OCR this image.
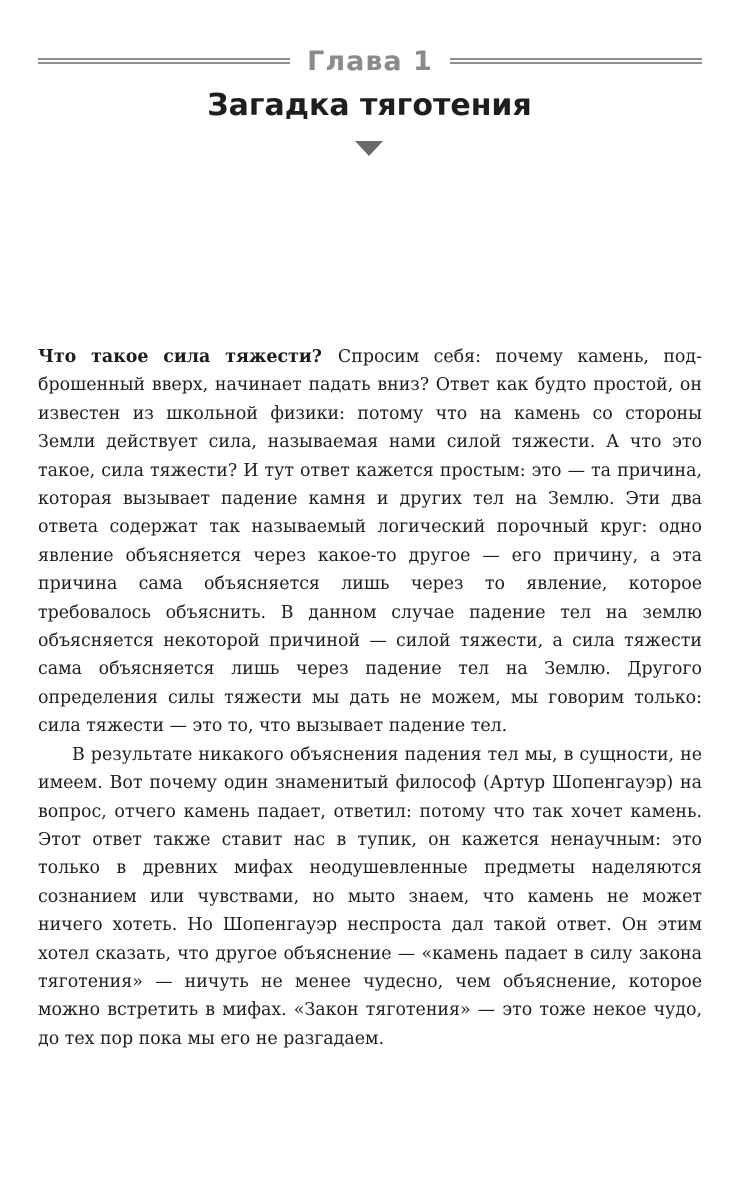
Глава 1
Загадка тяготения

Что такое сила тяжести? Спросим себя: почему камень, подброшенный вверх, начинает падать вниз? Ответ как будто простой, он известен из школьной физики: потому что на камень со стороны Земли действует сила, называемая нами силой тяжести. А что это такое, сила тяжести? И тут ответ кажется простым: это — та причина, которая вызывает падение камня и других тел на Землю. Эти два ответа содержат так называемый логический порочный круг: одно явление объясняется через какое-то другое — его причину, а эта причина сама объясняется лишь через то явление, которое требовалось объяснить. В данном случае падение тел на землю объясняется некоторой причиной — силой тяжести, а сила тяжести сама объясняется лишь через падение тел на Землю. Другого определения силы тяжести мы дать не можем, мы говорим только: сила тяжести — это то, что вызывает падение тел.

В результате никакого объяснения падения тел мы, в сущности, не имеем. Вот почему один знаменитый философ (Артур Шопенгауэр) на вопрос, отчего камень падает, ответил: потому что так хочет камень. Этот ответ также ставит нас в тупик, он кажется ненаучным: это только в древних мифах неодушевленные предметы наделяются сознанием или чувствами, но мыто знаем, что камень не может ничего хотеть. Но Шопенгауэр неспроста дал такой ответ. Он этим хотел сказать, что другое объяснение — «камень падает в силу закона тяготения» — ничуть не менее чудесно, чем объяснение, которое можно встретить в мифах. «Закон тяготения» — это тоже некое чудо, до тех пор пока мы его не разгадаем.
